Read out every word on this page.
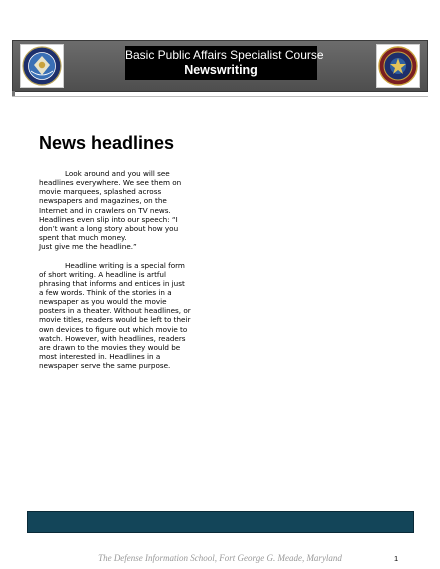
Basic Public Affairs Specialist Course
Newswriting
News headlines

Look around and you will see
headlines everywhere. We see them on
movie marquees, splashed across
newspapers and magazines, on the
Internet and in crawlers on TV news.
Headlines even slip into our speech: “I
don’t want a long story about how you
spent that much money.
Just give me the headline.”

Headline writing is a special form
of short writing. A headline is artful
phrasing that informs and entices in just
a few words. Think of the stories in a
newspaper as you would the movie
posters in a theater. Without headlines, or
movie titles, readers would be left to their
own devices to figure out which movie to
watch. However, with headlines, readers
are drawn to the movies they would be
most interested in. Headlines in a
newspaper serve the same purpose.

The Defense Information School, Fort George G. Meade, Maryland	1
